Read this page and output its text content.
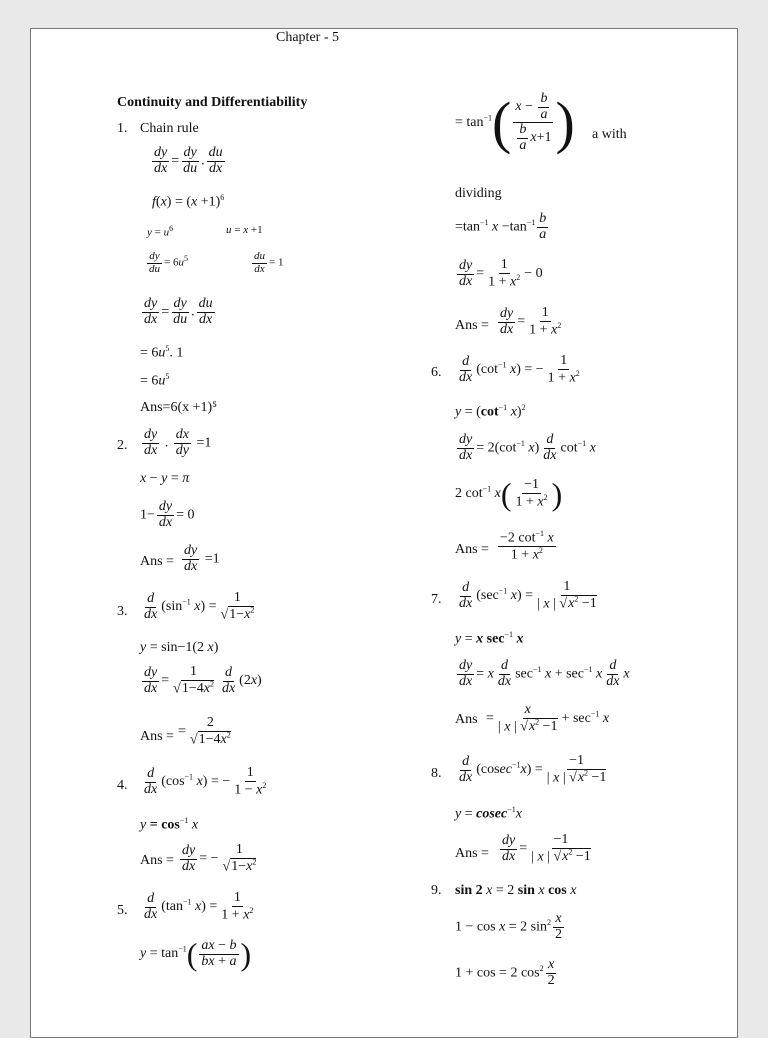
Chapter - 5
Continuity and Differentiability
1. Chain rule
$\frac{dy}{dx} = \frac{dy}{du}$ . $\frac{du}{dx}$
$f(x) = (x +1)^6$
$y = u^6$	u = x +1
$\frac{dy}{du} = 6u^5$	$\frac{du}{dx} = 1$
$\frac{dy}{dx} = \frac{dy}{du}$ . $\frac{du}{dx}$
= $6u^5$. 1
= $6u^5$
Ans=6(x +1)⁵
2. $\frac{dy}{dx}$ . $\frac{dx}{dy} =1$
x − y = π
$1- \frac{dy}{dx} = 0$
Ans = $\frac{dy}{dx} =1$
3. $\frac{d}{dx} (\sin^{-1}$ $x) = \frac{1}{√1-x^2}$
y = sin−1(2 x)
$\frac{dy}{dx} = \frac{1}{√1-4x^2} \frac{d}{dx} (2x)$
Ans = = $\frac{2}{√1-4x^2}$
4. $\frac{d}{dx} (\cos^{-1}$ x) = − $\frac{1}{1 - x^2}$
$y = \cos^{-1} x$
Ans = $\frac{dy}{dx}$ = − $\frac{1}{√1-x^2}$
5. $\frac{d}{dx} (\tan^{-1}$ $x) = \frac{1}{1 + x^2}$
$y = \tan^{-1}( \frac{ax - b}{bx + a}$ )
= $\tan^{-1}( \frac{x - \frac{b}{a}}{\frac{b}{a} x +1}$ ) a with
dividing
$=\tan^{-1}$ $x -\tan^{-1} \frac{b}{a}$
$\frac{dy}{dx} = \frac{1}{1 + x^2} - 0$
Ans = $\frac{dy}{dx} = \frac{1}{1 + x^2}$
6. $\frac{d}{dx} (\cot^{-1}$ x) = − $\frac{1}{1 + x^2}$
$y = (\cot^{-1}$ x)$^2$
$\frac{dy}{dx} = 2(\cot^{-1}$ $x) \frac{d}{dx} \cot^{-1} x$
2 $\cot^{-1} x( \frac{-1}{1 + x^2}$ )
Ans = $\frac{-2 \cot^{-1} x}{1 + x^2}$
7. $\frac{d}{dx} (\sec^{-1}$ $x) = \frac{1}{| x | √x^2 -1}$
y = x $\sec^{-1} x$
$\frac{dy}{dx} = x \frac{d}{dx} \sec^{-1} x + \sec^{-1} x \frac{d}{dx}$ x
Ans = $\frac{x}{| x | √x^2 -1} + \sec^{-1} x$
8. $\frac{d}{dx} (cosec^{-1}x) = \frac{-1}{| x | √x^2 -1}$
y = cosec$^{-1}$x
Ans = $\frac{dy}{dx} = \frac{-1}{| x | √x^2 -1}$
9. sin 2 x = 2 sin x cos x
1 − cos x = 2 $\sin^2 \frac{x}{2}$
1 + cos = 2 $\cos^2 \frac{x}{2}$
